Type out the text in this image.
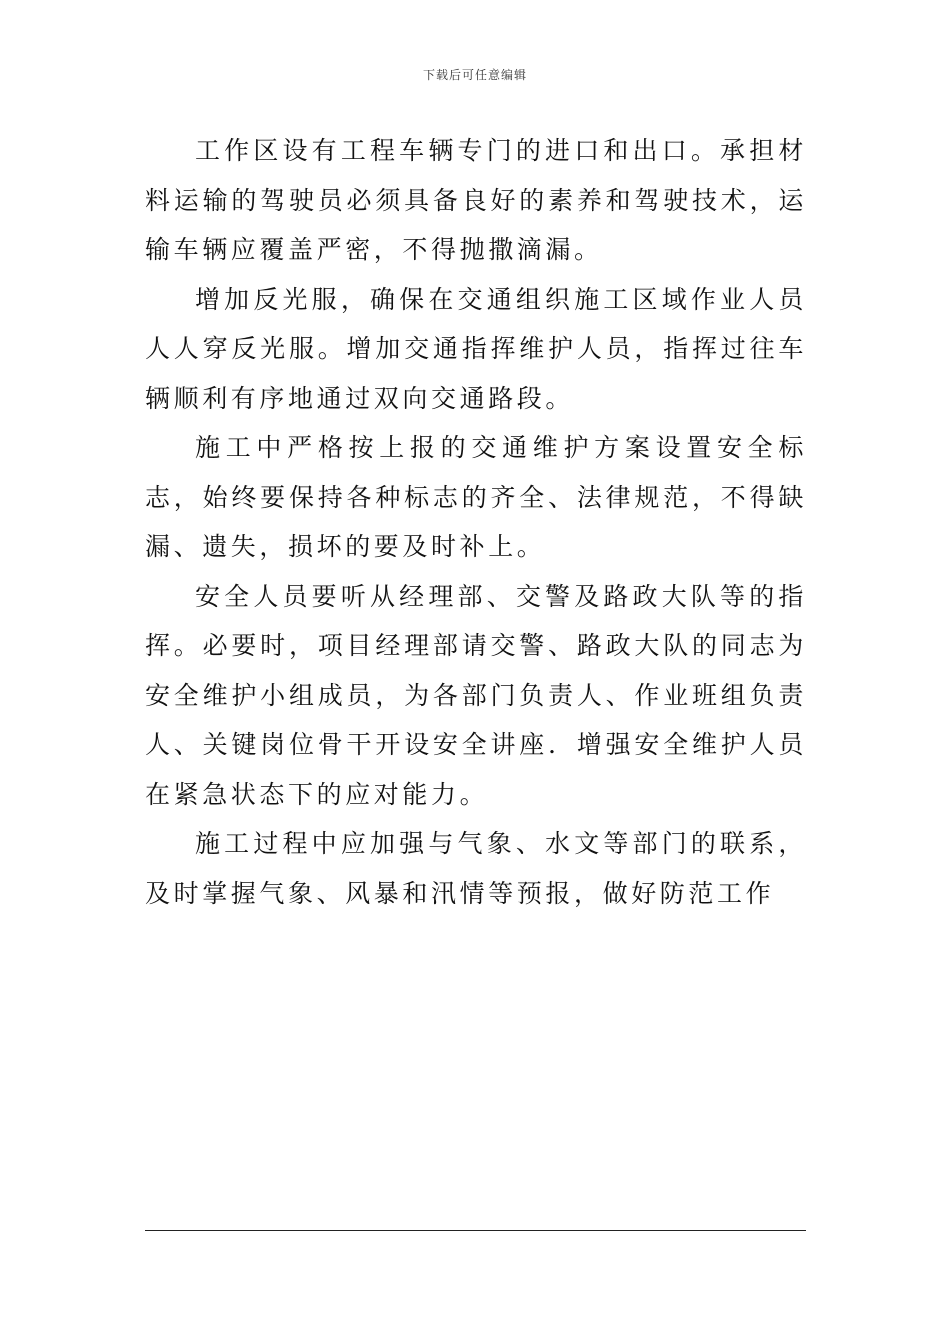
下载后可任意编辑

工作区设有工程车辆专门的进口和出口。承担材料运输的驾驶员必须具备良好的素养和驾驶技术，运输车辆应覆盖严密，不得抛撒滴漏。

增加反光服，确保在交通组织施工区域作业人员人人穿反光服。增加交通指挥维护人员，指挥过往车辆顺利有序地通过双向交通路段。

施工中严格按上报的交通维护方案设置安全标志，始终要保持各种标志的齐全、法律规范，不得缺漏、遗失，损坏的要及时补上。

安全人员要听从经理部、交警及路政大队等的指挥。必要时，项目经理部请交警、路政大队的同志为安全维护小组成员，为各部门负责人、作业班组负责人、关键岗位骨干开设安全讲座．增强安全维护人员在紧急状态下的应对能力。

施工过程中应加强与气象、水文等部门的联系，及时掌握气象、风暴和汛情等预报，做好防范工作
